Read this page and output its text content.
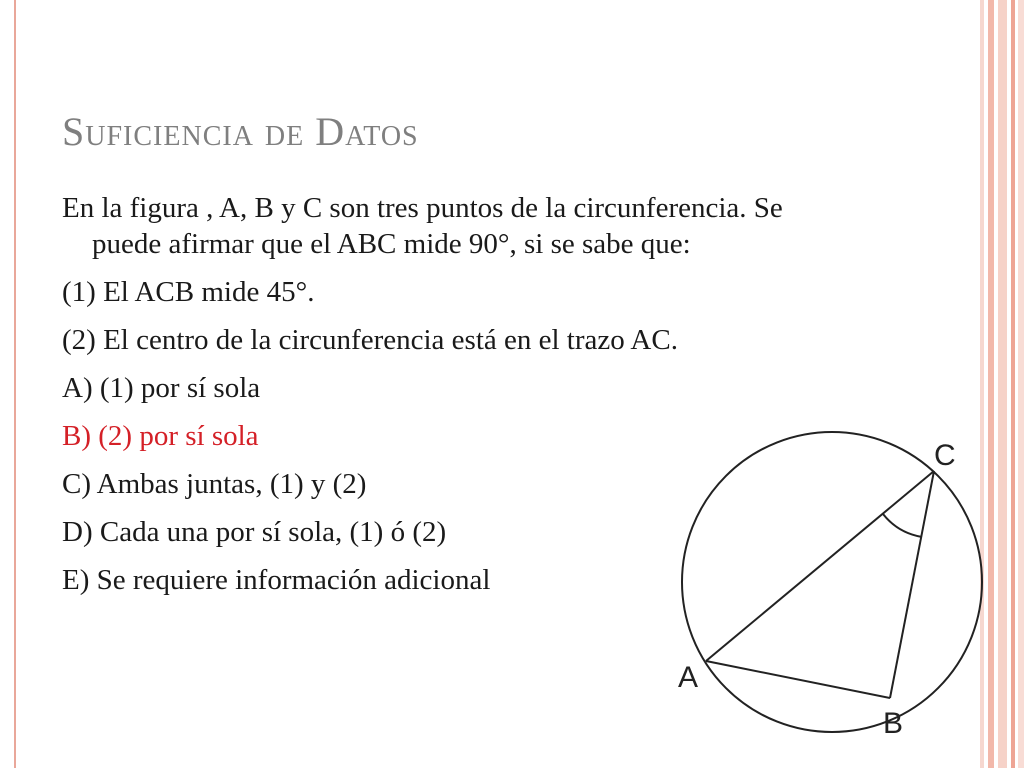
Suficiencia de Datos

En la figura , A, B y C son tres puntos de la circunferencia. Se puede afirmar que el ABC mide 90°, si se sabe que:

(1) El ACB mide 45°.

(2) El centro de la circunferencia está en el trazo AC.

A) (1) por sí sola

B) (2) por sí sola

C) Ambas juntas, (1) y (2)

D) Cada una por sí sola, (1) ó (2)

E) Se requiere información adicional

C
A
B
